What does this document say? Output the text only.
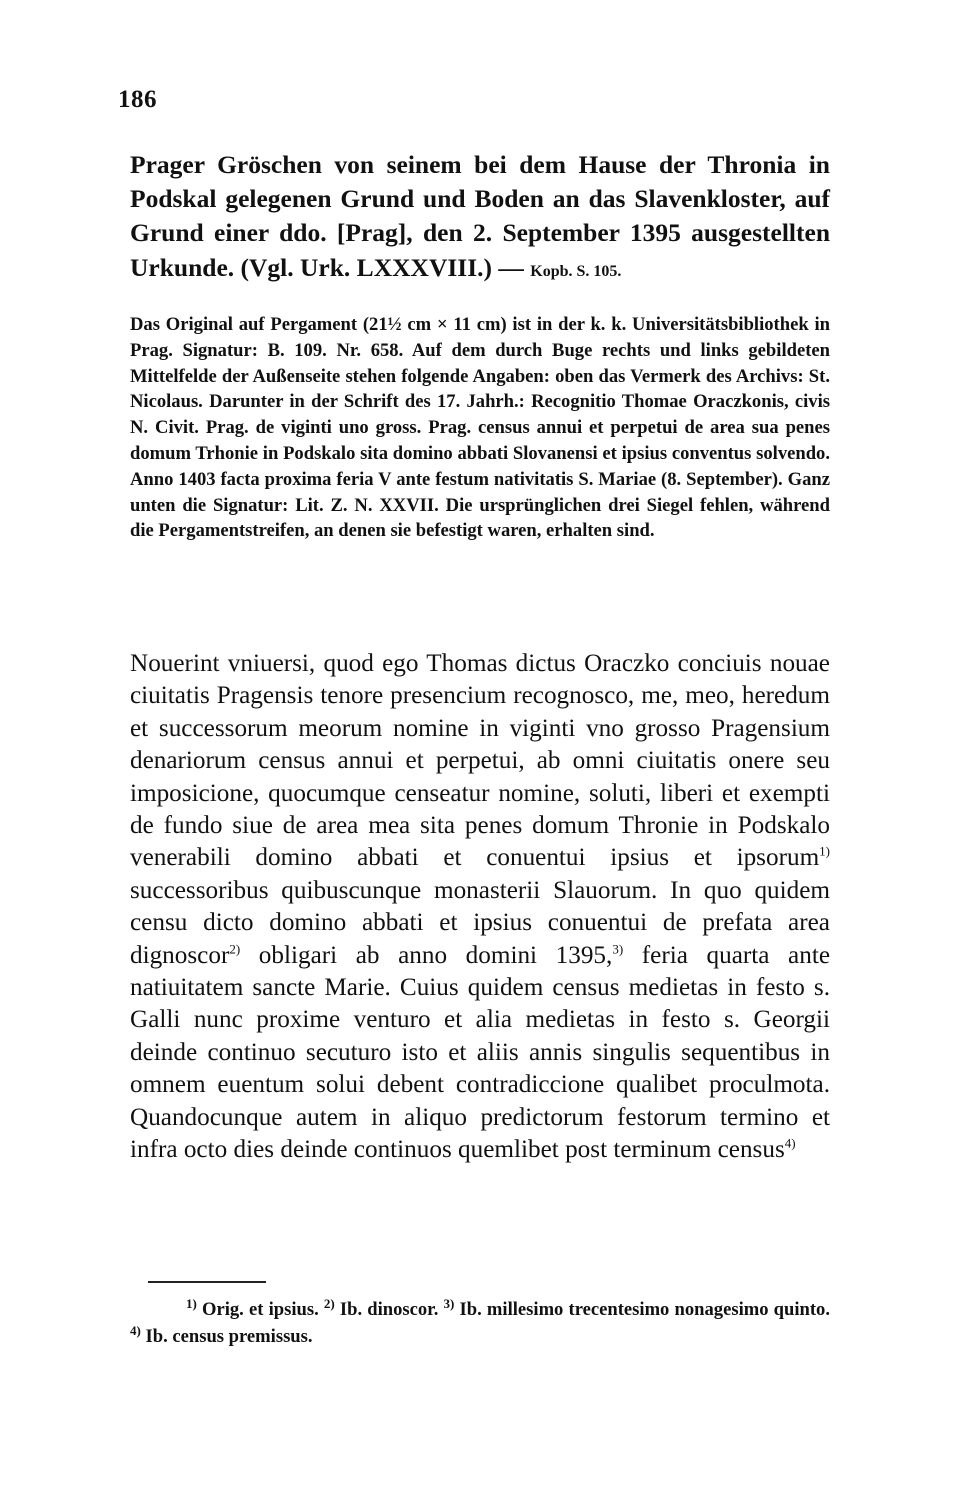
186
Prager Gröschen von seinem bei dem Hause der Thronia in Podskal gelegenen Grund und Boden an das Slavenkloster, auf Grund einer ddo. [Prag], den 2. September 1395 ausgestellten Urkunde. (Vgl. Urk. LXXXVIII.) — Kopb. S. 105.

Das Original auf Pergament (21½ cm × 11 cm) ist in der k. k. Universitätsbibliothek in Prag. Signatur: B. 109. Nr. 658. Auf dem durch Buge rechts und links gebildeten Mittelfelde der Außenseite stehen folgende Angaben: oben das Vermerk des Archivs: St. Nicolaus. Darunter in der Schrift des 17. Jahrh.: Recognitio Thomae Oraczkonis, civis N. Civit. Prag. de viginti uno gross. Prag. census annui et perpetui de area sua penes domum Trhonie in Podskalo sita domino abbati Slovanensi et ipsius conventus solvendo. Anno 1403 facta proxima feria V ante festum nativitatis S. Mariae (8. September). Ganz unten die Signatur: Lit. Z. N. XXVII. Die ursprünglichen drei Siegel fehlen, während die Pergamentstreifen, an denen sie befestigt waren, erhalten sind.

Nouerint vniuersi, quod ego Thomas dictus Oraczko conciuis nouae ciuitatis Pragensis tenore presencium recognosco, me, meo, heredum et successorum meorum nomine in viginti vno grosso Pragensium denariorum census annui et perpetui, ab omni ciuitatis onere seu imposicione, quocumque censeatur nomine, soluti, liberi et exempti de fundo siue de area mea sita penes domum Thronie in Podskalo venerabili domino abbati et conuentui ipsius et ipsorum$^{1)}$ successoribus quibuscunque monasterii Slauorum. In quo quidem censu dicto domino abbati et ipsius conuentui de prefata area dignoscor$^{2)}$ obligari ab anno domini 1395,$^{3)}$ feria quarta ante natiuitatem sancte Marie. Cuius quidem census medietas in festo s. Galli nunc proxime venturo et alia medietas in festo s. Georgii deinde continuo secuturo isto et aliis annis singulis sequentibus in omnem euentum solui debent contradiccione qualibet proculmota. Quandocunque autem in aliquo predictorum festorum termino et infra octo dies deinde continuos quemlibet post terminum census$^{4)}$

$^{1)}$ Orig. et ipsius. $^{2)}$ Ib. dinoscor. $^{3)}$ Ib. millesimo trecentesimo nonagesimo quinto. $^{4)}$ Ib. census premissus.
